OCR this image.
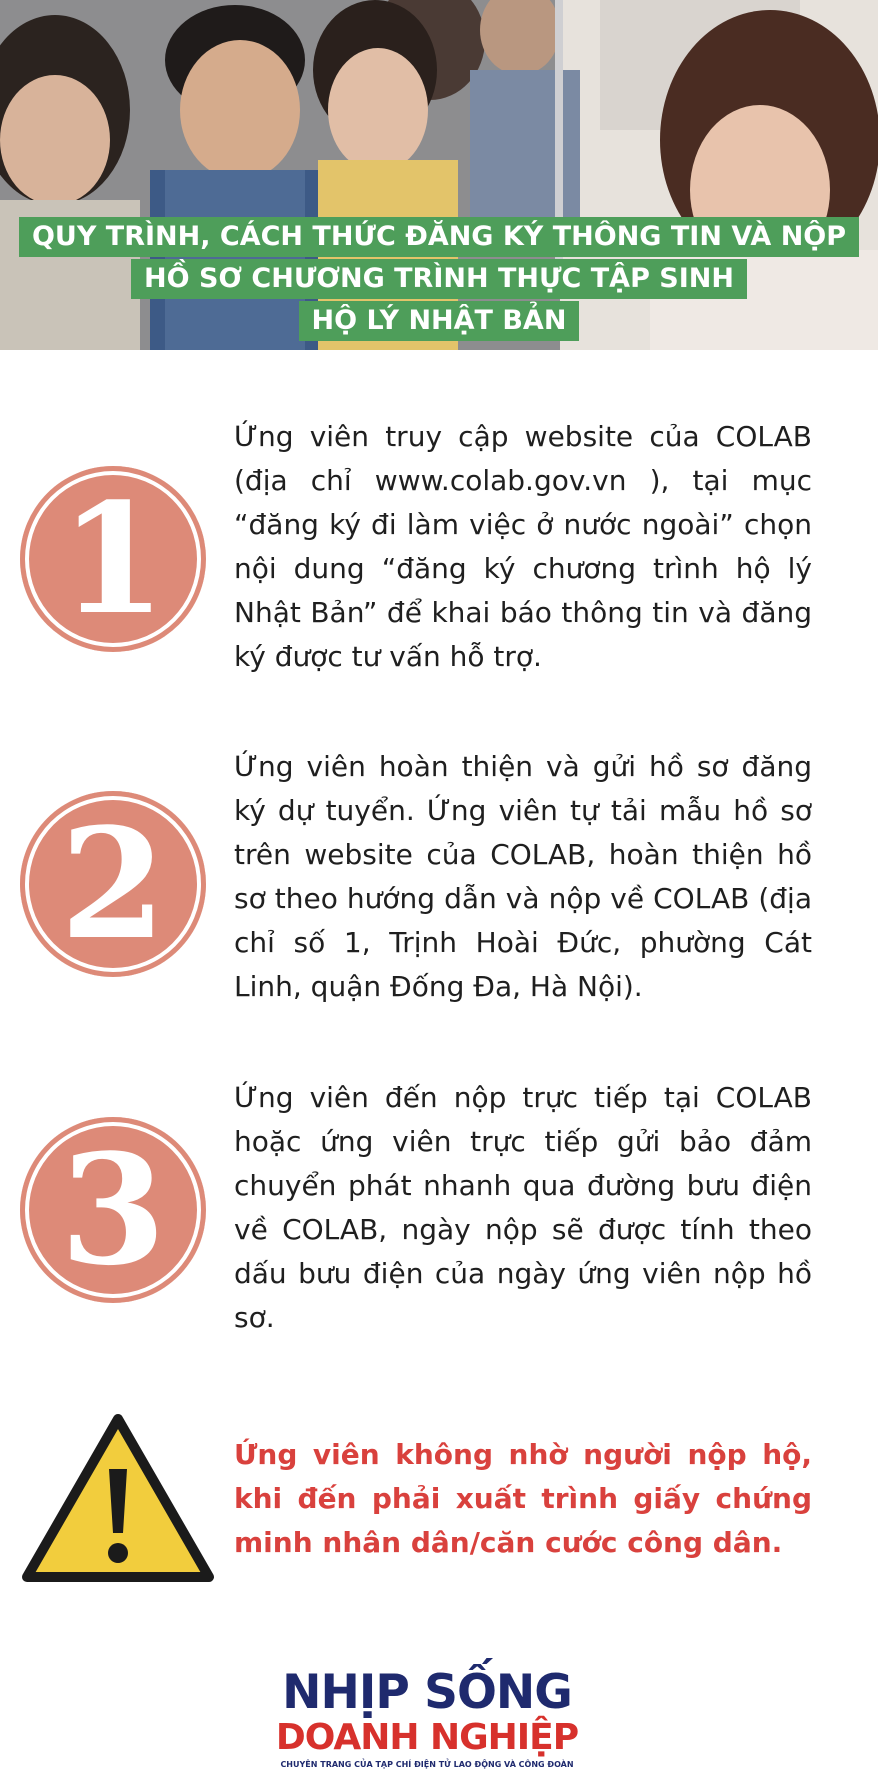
QUY TRÌNH, CÁCH THỨC ĐĂNG KÝ THÔNG TIN VÀ NỘP
HỒ SƠ CHƯƠNG TRÌNH THỰC TẬP SINH
HỘ LÝ NHẬT BẢN
1

Ứng viên truy cập website của COLAB (địa chỉ www.colab.gov.vn ), tại mục “đăng ký đi làm việc ở nước ngoài” chọn nội dung “đăng ký chương trình hộ lý Nhật Bản” để khai báo thông tin và đăng ký được tư vấn hỗ trợ.

2

Ứng viên hoàn thiện và gửi hồ sơ đăng ký dự tuyển. Ứng viên tự tải mẫu hồ sơ trên website của COLAB, hoàn thiện hồ sơ theo hướng dẫn và nộp về COLAB (địa chỉ số 1, Trịnh Hoài Đức, phường Cát Linh, quận Đống Đa, Hà Nội).

3

Ứng viên đến nộp trực tiếp tại COLAB hoặc ứng viên trực tiếp gửi bảo đảm chuyển phát nhanh qua đường bưu điện về COLAB, ngày nộp sẽ được tính theo dấu bưu điện của ngày ứng viên nộp hồ sơ.

Ứng viên không nhờ người nộp hộ, khi đến phải xuất trình giấy chứng minh nhân dân/căn cước công dân.

NHỊP SỐNG
DOANH NGHIỆP
CHUYÊN TRANG CỦA TẠP CHÍ ĐIỆN TỬ LAO ĐỘNG VÀ CÔNG ĐOÀN
